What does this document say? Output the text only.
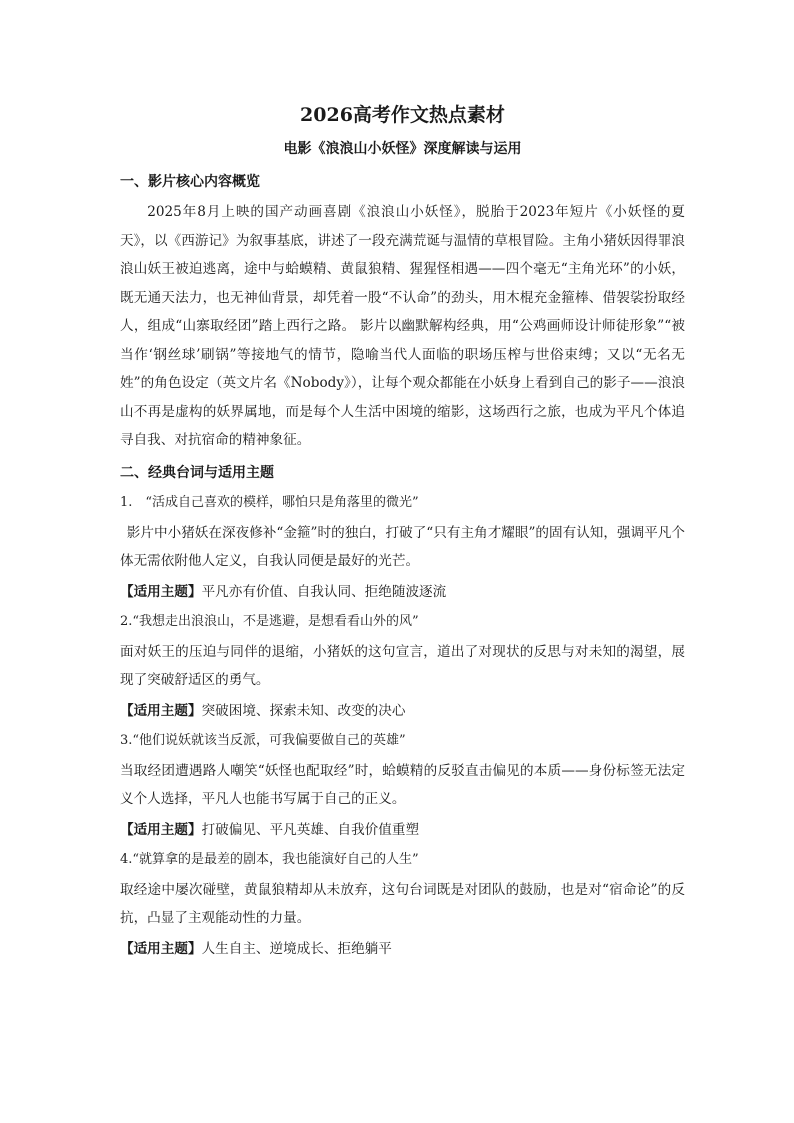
2026高考作文热点素材
电影《浪浪山小妖怪》深度解读与运用
一、影片核心内容概览

2025年8月上映的国产动画喜剧《浪浪山小妖怪》，脱胎于2023年短片《小妖怪的夏天》，以《西游记》为叙事基底，讲述了一段充满荒诞与温情的草根冒险。主角小猪妖因得罪浪浪山妖王被迫逃离，途中与蛤蟆精、黄鼠狼精、猩猩怪相遇——四个毫无“主角光环”的小妖，既无通天法力，也无神仙背景，却凭着一股“不认命”的劲头，用木棍充金箍棒、借袈裟扮取经人，组成“山寨取经团”踏上西行之路。 影片以幽默解构经典，用“公鸡画师设计师徒形象”“被当作‘钢丝球’刷锅”等接地气的情节，隐喻当代人面临的职场压榨与世俗束缚；又以“无名无姓”的角色设定（英文片名《Nobody》），让每个观众都能在小妖身上看到自己的影子——浪浪山不再是虚构的妖界属地，而是每个人生活中困境的缩影，这场西行之旅，也成为平凡个体追寻自我、对抗宿命的精神象征。

二、经典台词与适用主题
1.　“活成自己喜欢的模样，哪怕只是角落里的微光”

影片中小猪妖在深夜修补“金箍”时的独白，打破了“只有主角才耀眼”的固有认知，强调平凡个体无需依附他人定义，自我认同便是最好的光芒。

【适用主题】平凡亦有价值、自我认同、拒绝随波逐流
2.“我想走出浪浪山，不是逃避，是想看看山外的风”

面对妖王的压迫与同伴的退缩，小猪妖的这句宣言，道出了对现状的反思与对未知的渴望，展现了突破舒适区的勇气。

【适用主题】突破困境、探索未知、改变的决心
3.“他们说妖就该当反派，可我偏要做自己的英雄”

当取经团遭遇路人嘲笑“妖怪也配取经”时，蛤蟆精的反驳直击偏见的本质——身份标签无法定义个人选择，平凡人也能书写属于自己的正义。

【适用主题】打破偏见、平凡英雄、自我价值重塑
4.“就算拿的是最差的剧本，我也能演好自己的人生”

取经途中屡次碰壁，黄鼠狼精却从未放弃，这句台词既是对团队的鼓励，也是对“宿命论”的反抗，凸显了主观能动性的力量。

【适用主题】人生自主、逆境成长、拒绝躺平
